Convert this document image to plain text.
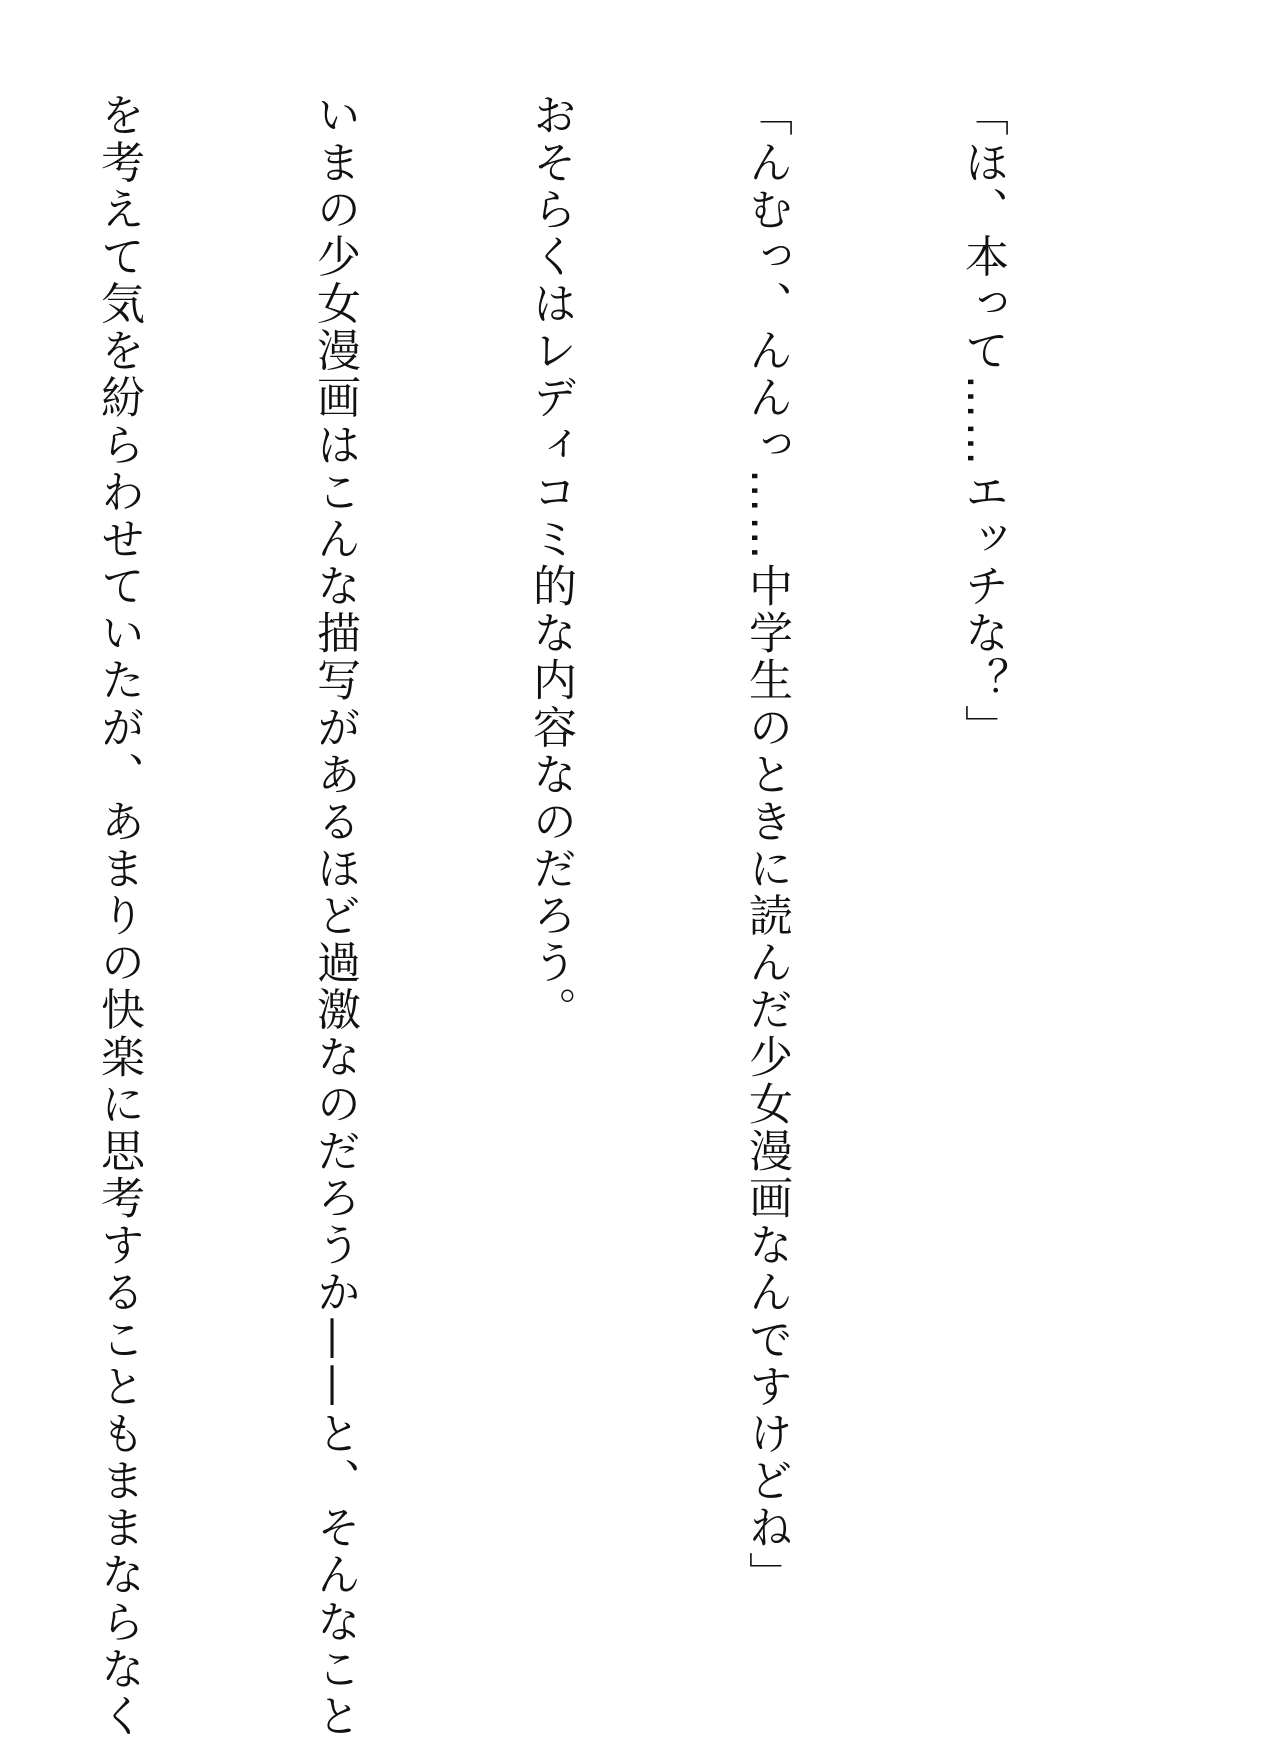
「ほ、本って……エッチな？」

「んむっ、んんっ……中学生のときに読んだ少女漫画なんですけどね」

おそらくはレディコミ的な内容なのだろう。

いまの少女漫画はこんな描写があるほど過激なのだろうか——と、そんなこと

を考えて気を紛らわせていたが、あまりの快楽に思考することもままならなく
